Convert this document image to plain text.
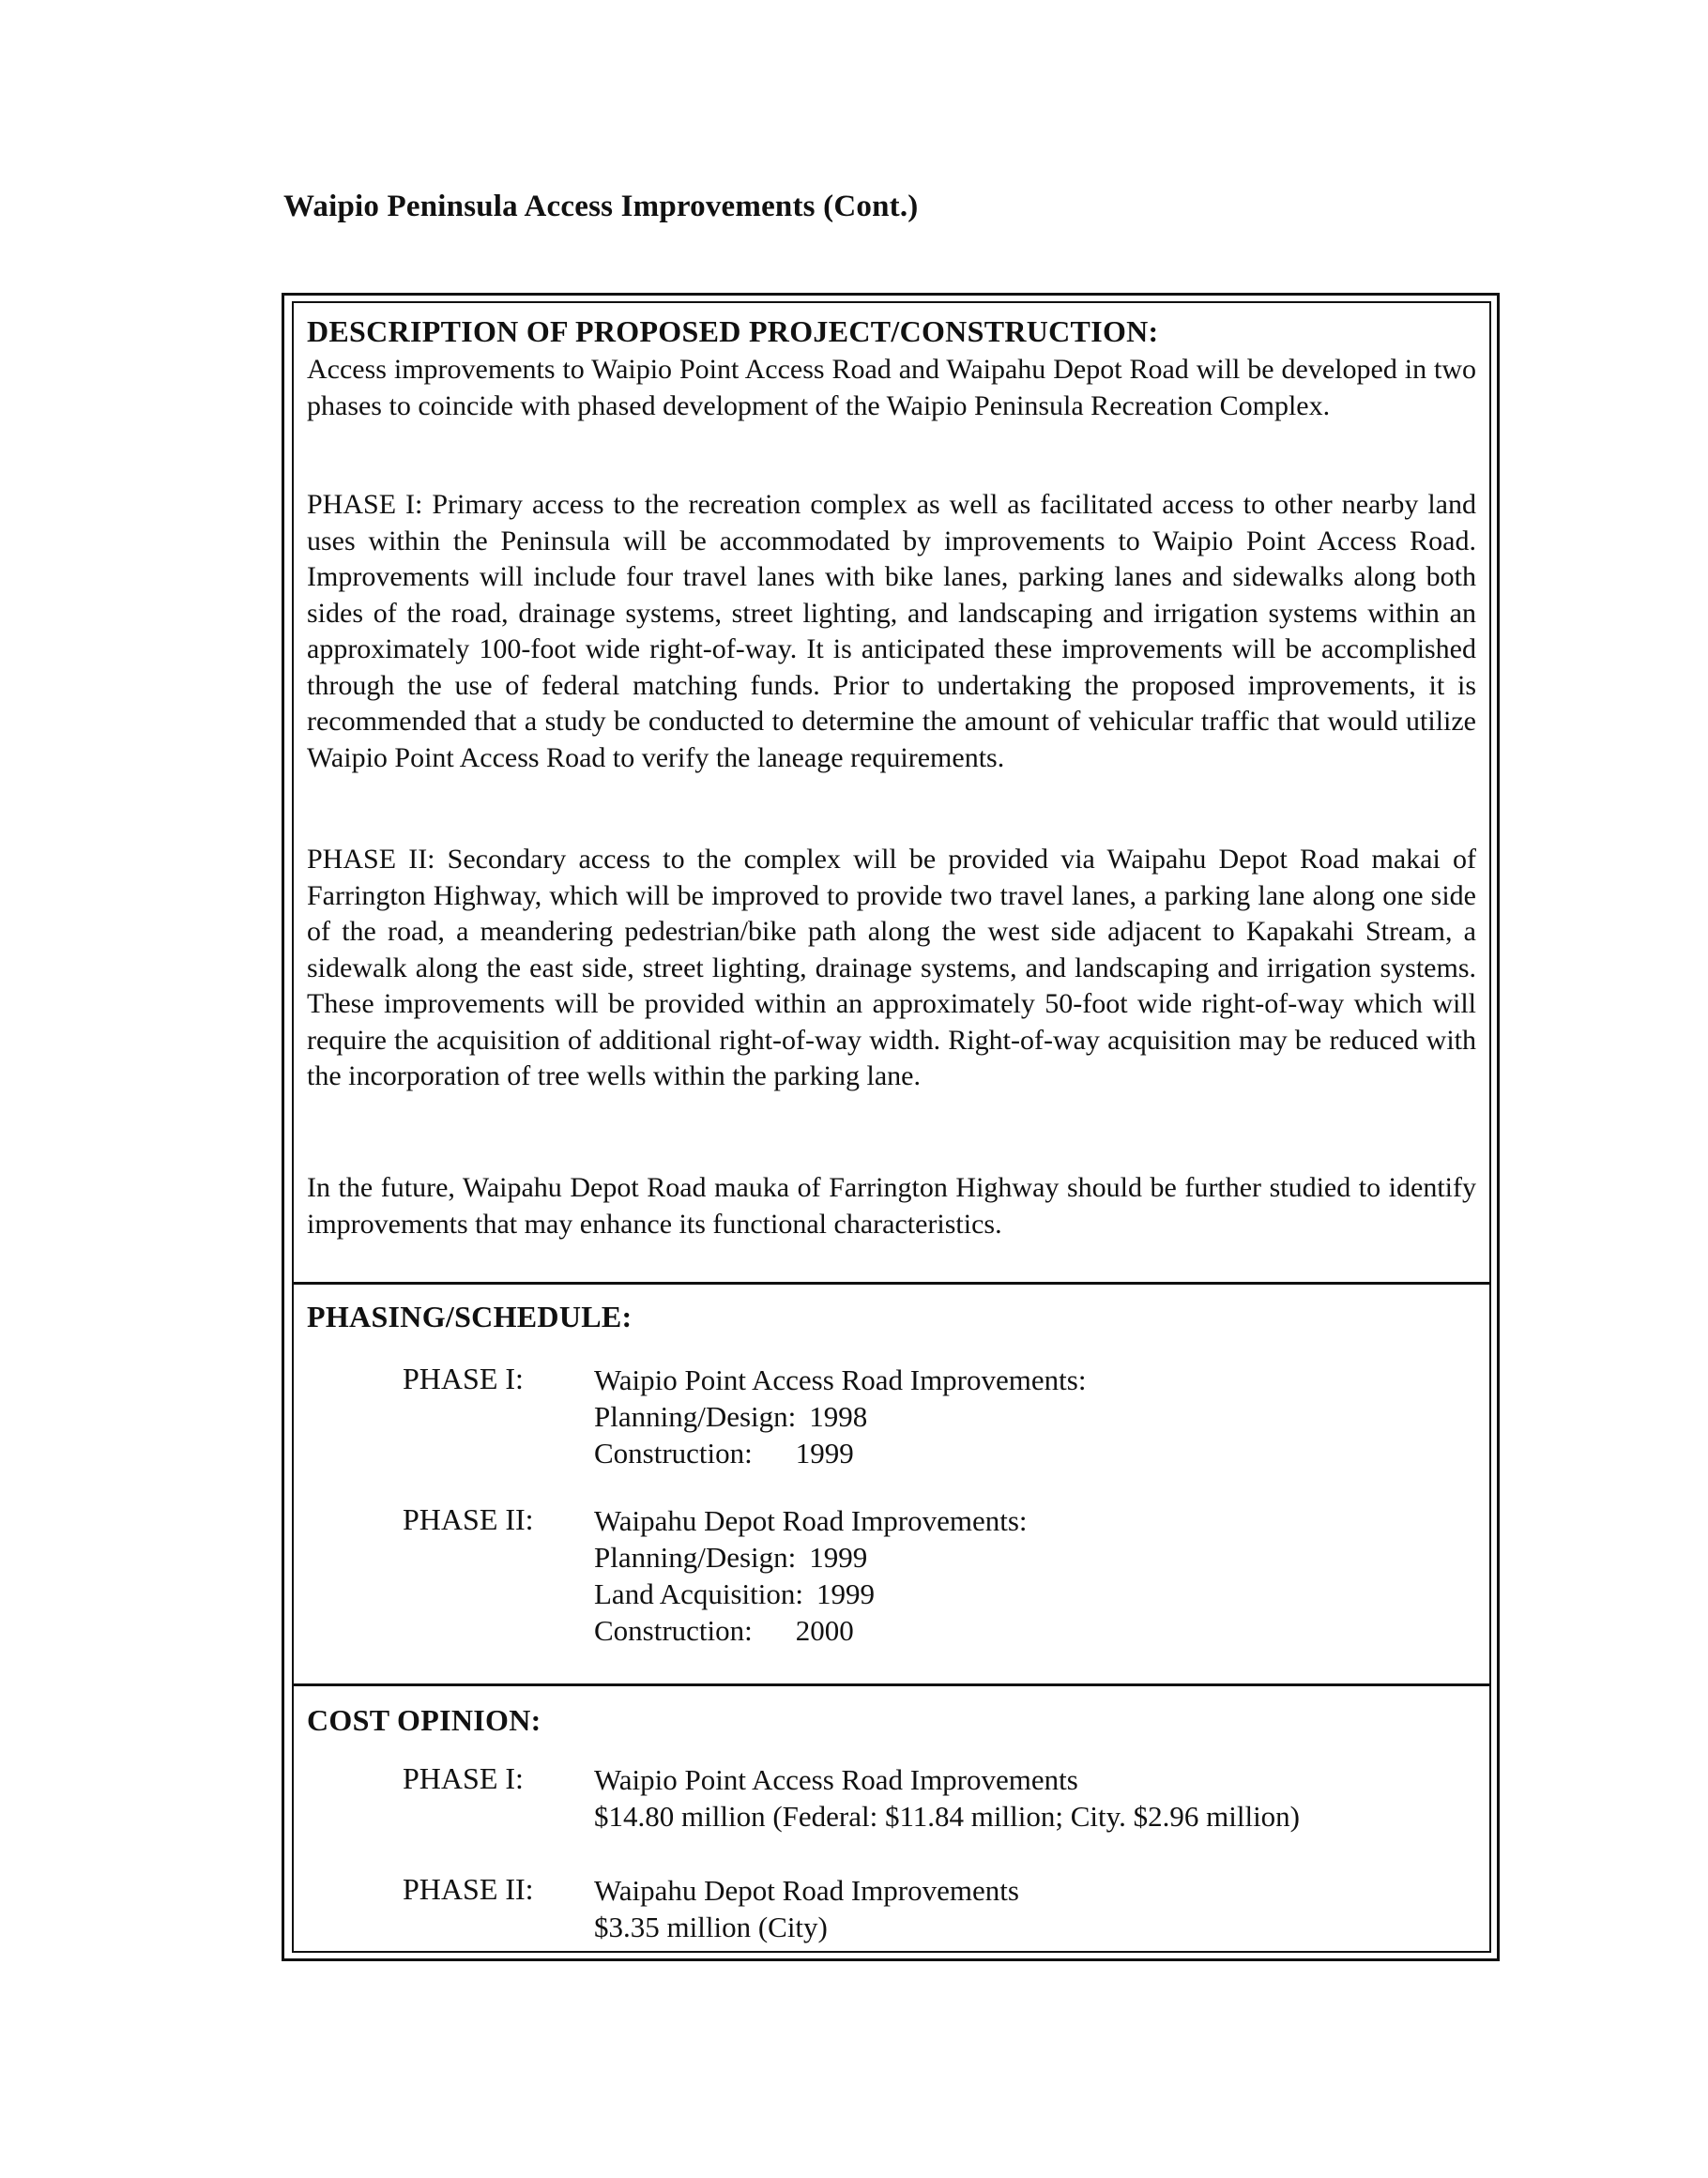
Waipio Peninsula Access Improvements (Cont.)
DESCRIPTION OF PROPOSED PROJECT/CONSTRUCTION:
Access improvements to Waipio Point Access Road and Waipahu Depot Road will be developed in two phases to coincide with phased development of the Waipio Peninsula Recreation Complex.
PHASE I: Primary access to the recreation complex as well as facilitated access to other nearby land uses within the Peninsula will be accommodated by improvements to Waipio Point Access Road. Improvements will include four travel lanes with bike lanes, parking lanes and sidewalks along both sides of the road, drainage systems, street lighting, and landscaping and irrigation systems within an approximately 100-foot wide right-of-way. It is anticipated these improvements will be accomplished through the use of federal matching funds. Prior to undertaking the proposed improvements, it is recommended that a study be conducted to determine the amount of vehicular traffic that would utilize Waipio Point Access Road to verify the laneage requirements.
PHASE II: Secondary access to the complex will be provided via Waipahu Depot Road makai of Farrington Highway, which will be improved to provide two travel lanes, a parking lane along one side of the road, a meandering pedestrian/bike path along the west side adjacent to Kapakahi Stream, a sidewalk along the east side, street lighting, drainage systems, and landscaping and irrigation systems. These improvements will be provided within an approximately 50-foot wide right-of-way which will require the acquisition of additional right-of-way width. Right-of-way acquisition may be reduced with the incorporation of tree wells within the parking lane.
In the future, Waipahu Depot Road mauka of Farrington Highway should be further studied to identify improvements that may enhance its functional characteristics.
PHASING/SCHEDULE:
PHASE I: Waipio Point Access Road Improvements:
Planning/Design: 1998
Construction: 1999
PHASE II: Waipahu Depot Road Improvements:
Planning/Design: 1999
Land Acquisition: 1999
Construction: 2000
COST OPINION:
PHASE I: Waipio Point Access Road Improvements
$14.80 million (Federal: $11.84 million; City. $2.96 million)
PHASE II: Waipahu Depot Road Improvements
$3.35 million (City)
